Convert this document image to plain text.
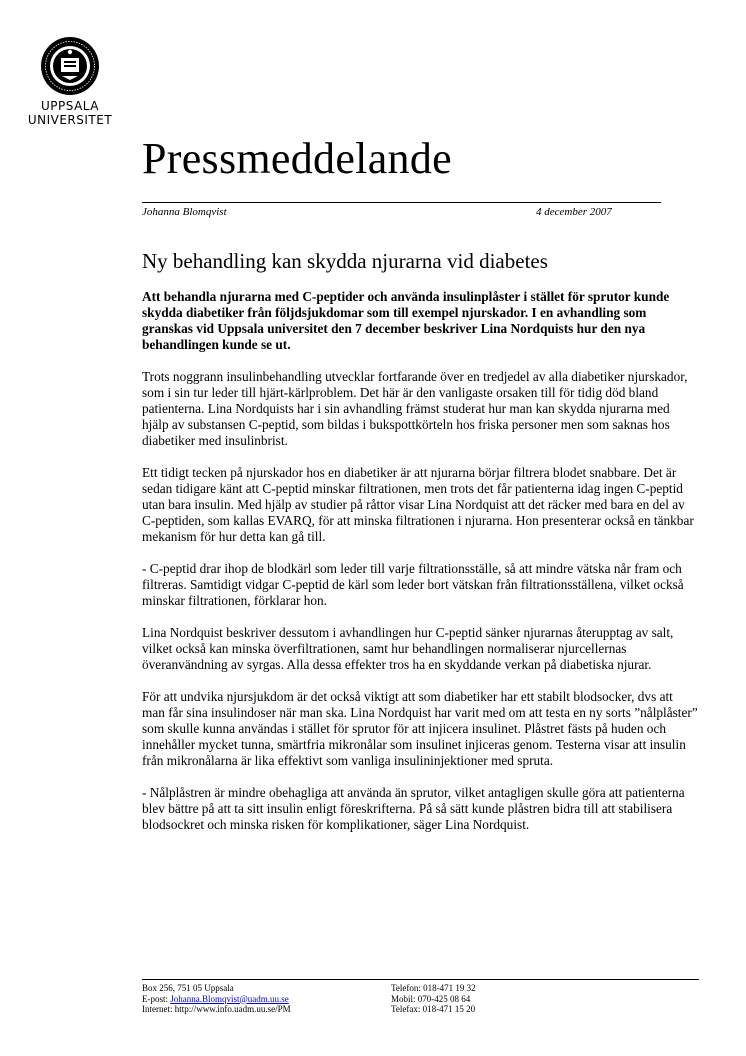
UPPSALA
UNIVERSITET
Pressmeddelande
Johanna Blomqvist	4 december 2007
Ny behandling kan skydda njurarna vid diabetes

Att behandla njurarna med C-peptider och använda insulinplåster i stället för sprutor kunde skydda diabetiker från följdsjukdomar som till exempel njurskador. I en avhandling som granskas vid Uppsala universitet den 7 december beskriver Lina Nordquists hur den nya behandlingen kunde se ut.

Trots noggrann insulinbehandling utvecklar fortfarande över en tredjedel av alla diabetiker njurskador, som i sin tur leder till hjärt-kärlproblem. Det här är den vanligaste orsaken till för tidig död bland patienterna. Lina Nordquists har i sin avhandling främst studerat hur man kan skydda njurarna med hjälp av substansen C-peptid, som bildas i bukspottkörteln hos friska personer men som saknas hos diabetiker med insulinbrist.

Ett tidigt tecken på njurskador hos en diabetiker är att njurarna börjar filtrera blodet snabbare. Det är sedan tidigare känt att C-peptid minskar filtrationen, men trots det får patienterna idag ingen C-peptid utan bara insulin. Med hjälp av studier på råttor visar Lina Nordquist att det räcker med bara en del av C-peptiden, som kallas EVARQ, för att minska filtrationen i njurarna. Hon presenterar också en tänkbar mekanism för hur detta kan gå till.

- C-peptid drar ihop de blodkärl som leder till varje filtrationsställe, så att mindre vätska når fram och filtreras. Samtidigt vidgar C-peptid de kärl som leder bort vätskan från filtrationsställena, vilket också minskar filtrationen, förklarar hon.

Lina Nordquist beskriver dessutom i avhandlingen hur C-peptid sänker njurarnas återupptag av salt, vilket också kan minska överfiltrationen, samt hur behandlingen normaliserar njurcellernas överanvändning av syrgas. Alla dessa effekter tros ha en skyddande verkan på diabetiska njurar.

För att undvika njursjukdom är det också viktigt att som diabetiker har ett stabilt blodsocker, dvs att man får sina insulindoser när man ska. Lina Nordquist har varit med om att testa en ny sorts ”nålplåster” som skulle kunna användas i stället för sprutor för att injicera insulinet. Plåstret fästs på huden och innehåller mycket tunna, smärtfria mikronålar som insulinet injiceras genom. Testerna visar att insulin från mikronålarna är lika effektivt som vanliga insulininjektioner med spruta.

- Nålplåstren är mindre obehagliga att använda än sprutor, vilket antagligen skulle göra att patienterna blev bättre på att ta sitt insulin enligt föreskrifterna. På så sätt kunde plåstren bidra till att stabilisera blodsockret och minska risken för komplikationer, säger Lina Nordquist.

Box 256, 751 05 Uppsala
E-post: Johanna.Blomqvist@uadm.uu.se
Internet: http://www.info.uadm.uu.se/PM
Telefon: 018-471 19 32
Mobil: 070-425 08 64
Telefax: 018-471 15 20
